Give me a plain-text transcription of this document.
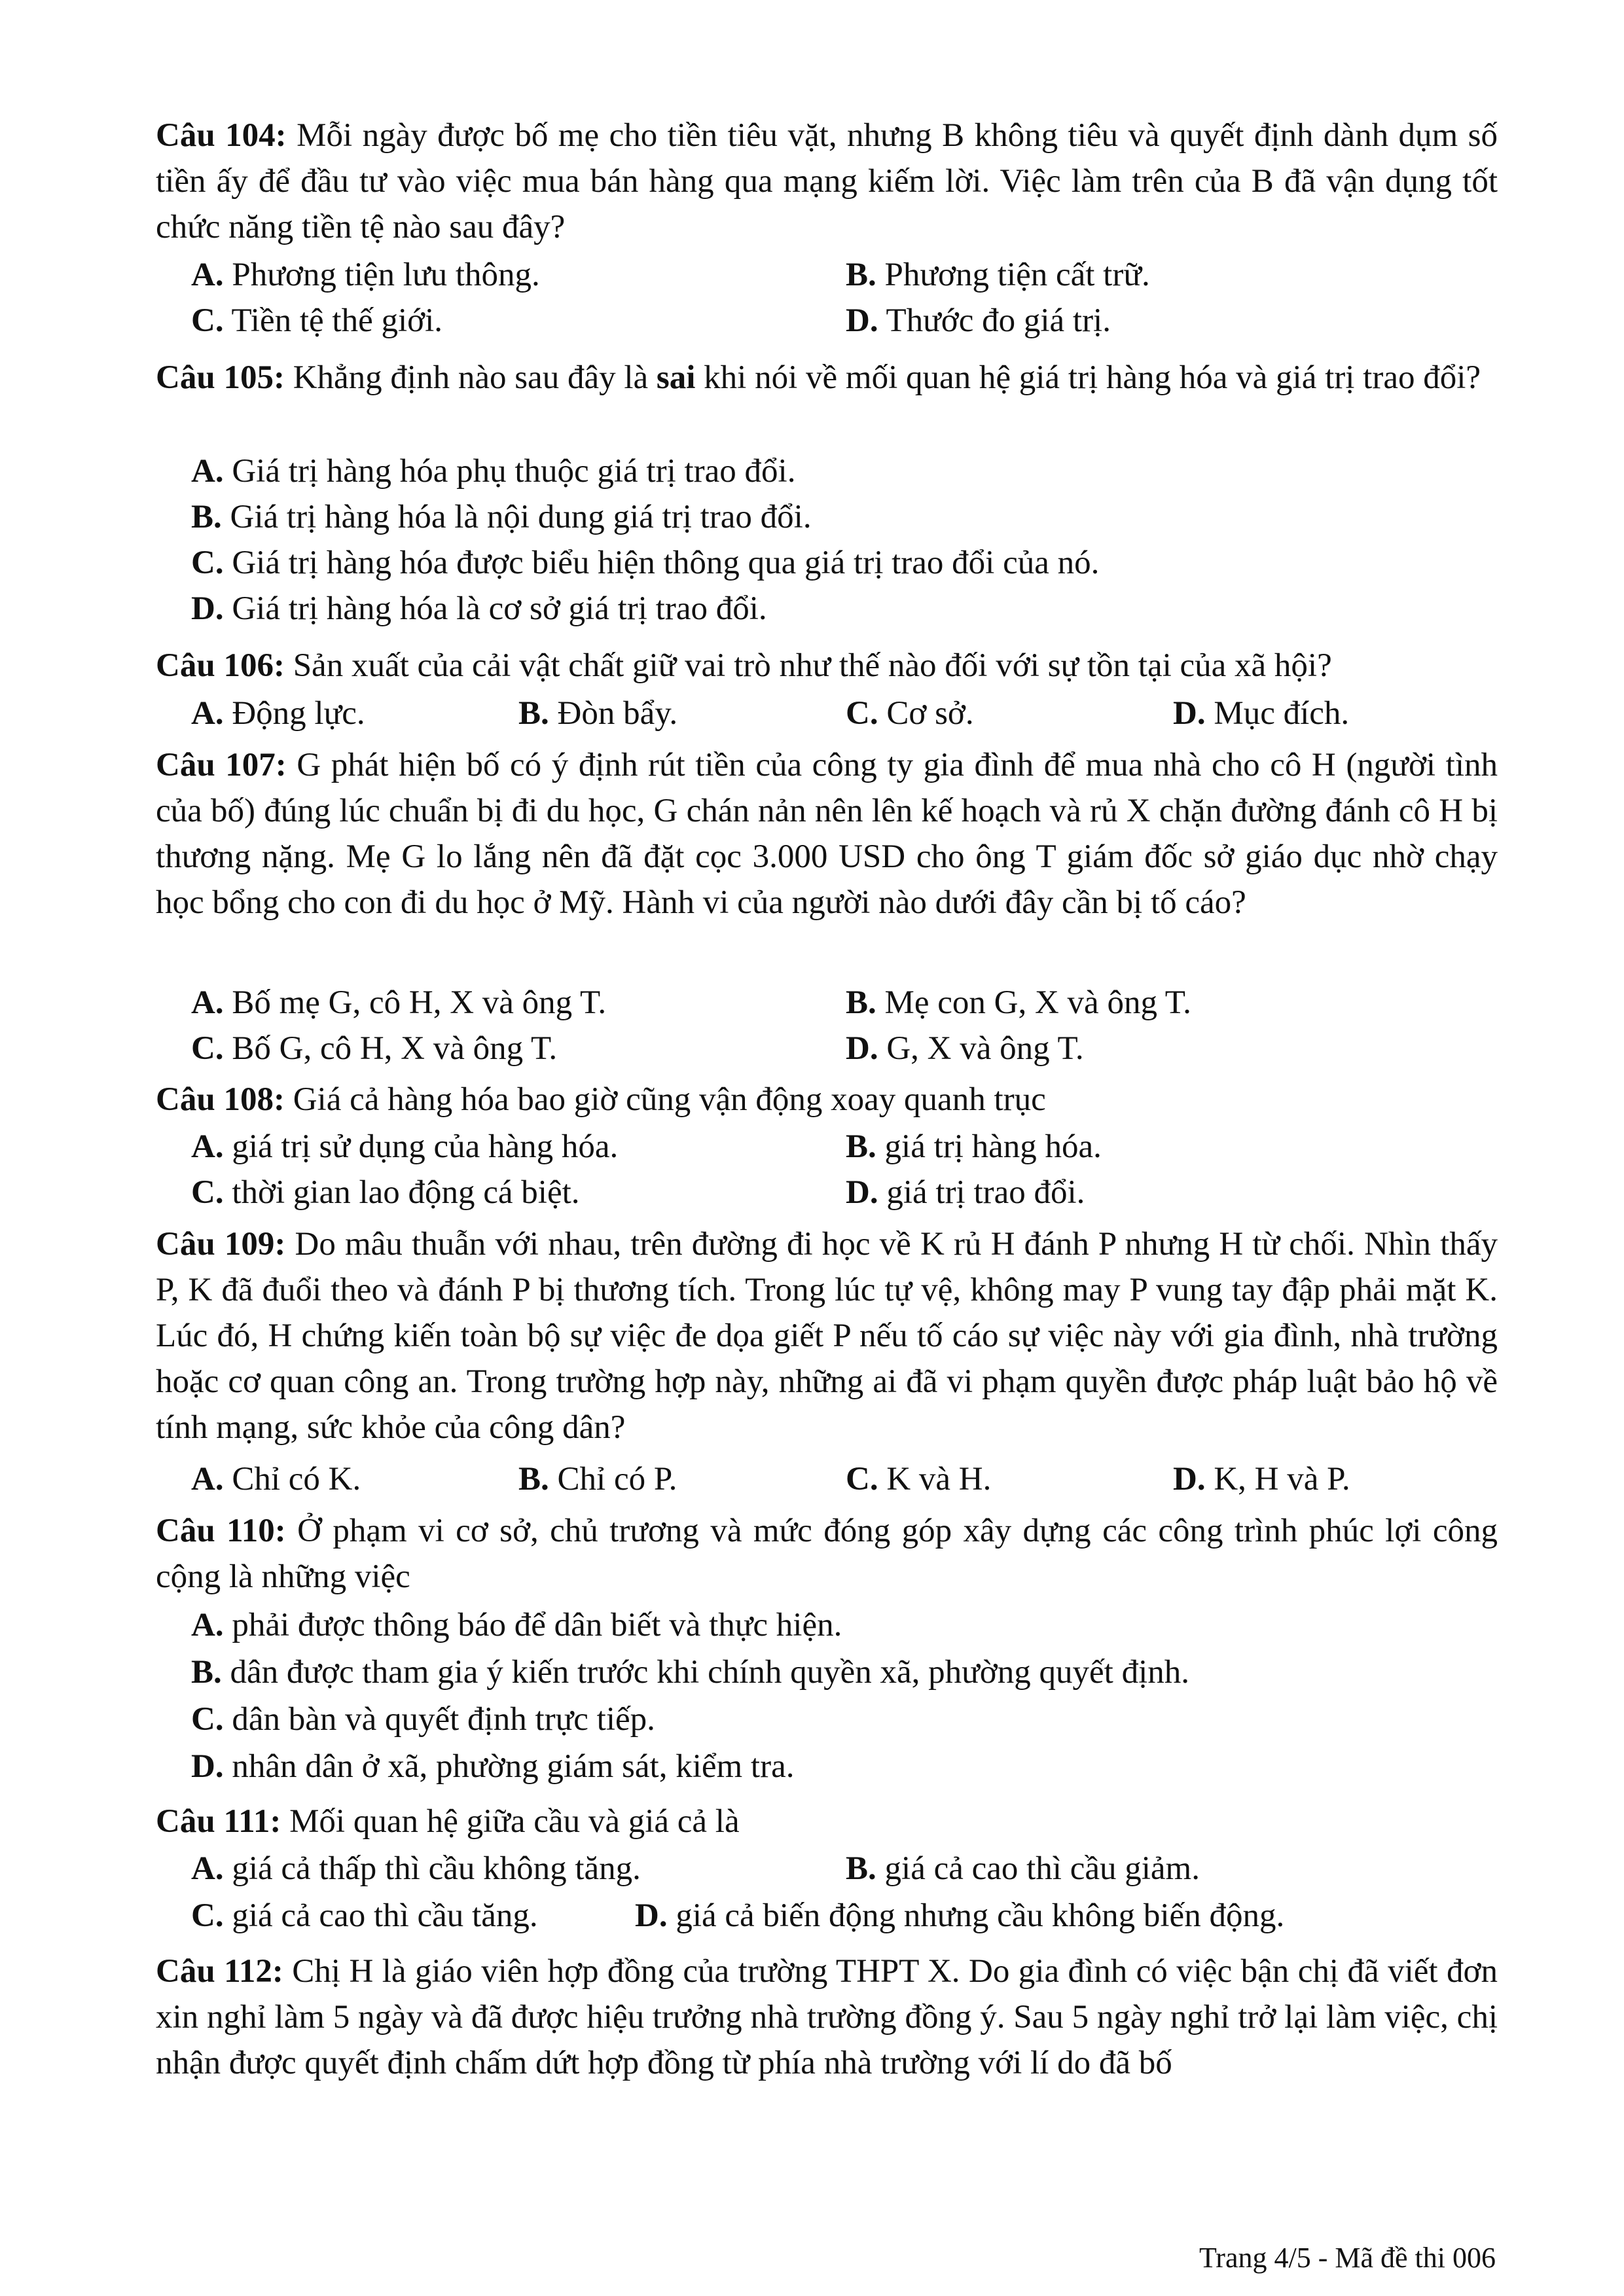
Câu 104: Mỗi ngày được bố mẹ cho tiền tiêu vặt, nhưng B không tiêu và quyết định dành dụm số tiền ấy để đầu tư vào việc mua bán hàng qua mạng kiếm lời. Việc làm trên của B đã vận dụng tốt chức năng tiền tệ nào sau đây?
A. Phương tiện lưu thông.	B. Phương tiện cất trữ.
C. Tiền tệ thế giới.	D. Thước đo giá trị.
Câu 105: Khẳng định nào sau đây là sai khi nói về mối quan hệ giá trị hàng hóa và giá trị trao đổi?
A. Giá trị hàng hóa phụ thuộc giá trị trao đổi.
B. Giá trị hàng hóa là nội dung giá trị trao đổi.
C. Giá trị hàng hóa được biểu hiện thông qua giá trị trao đổi của nó.
D. Giá trị hàng hóa là cơ sở giá trị trao đổi.
Câu 106: Sản xuất của cải vật chất giữ vai trò như thế nào đối với sự tồn tại của xã hội?
A. Động lực.	B. Đòn bẩy.	C. Cơ sở.	D. Mục đích.
Câu 107: G phát hiện bố có ý định rút tiền của công ty gia đình để mua nhà cho cô H (người tình của bố) đúng lúc chuẩn bị đi du học, G chán nản nên lên kế hoạch và rủ X chặn đường đánh cô H bị thương nặng. Mẹ G lo lắng nên đã đặt cọc 3.000 USD cho ông T giám đốc sở giáo dục nhờ chạy học bổng cho con đi du học ở Mỹ. Hành vi của người nào dưới đây cần bị tố cáo?
A. Bố mẹ G, cô H, X và ông T.	B. Mẹ con G, X và ông T.
C. Bố G, cô H, X và ông T.	D. G, X và ông T.
Câu 108: Giá cả hàng hóa bao giờ cũng vận động xoay quanh trục
A. giá trị sử dụng của hàng hóa.	B. giá trị hàng hóa.
C. thời gian lao động cá biệt.	D. giá trị trao đổi.
Câu 109: Do mâu thuẫn với nhau, trên đường đi học về K rủ H đánh P nhưng H từ chối. Nhìn thấy P, K đã đuổi theo và đánh P bị thương tích. Trong lúc tự vệ, không may P vung tay đập phải mặt K. Lúc đó, H chứng kiến toàn bộ sự việc đe dọa giết P nếu tố cáo sự việc này với gia đình, nhà trường hoặc cơ quan công an. Trong trường hợp này, những ai đã vi phạm quyền được pháp luật bảo hộ về tính mạng, sức khỏe của công dân?
A. Chỉ có K.	B. Chỉ có P.	C. K và H.	D. K, H và P.
Câu 110: Ở phạm vi cơ sở, chủ trương và mức đóng góp xây dựng các công trình phúc lợi công cộng là những việc
A. phải được thông báo để dân biết và thực hiện.
B. dân được tham gia ý kiến trước khi chính quyền xã, phường quyết định.
C. dân bàn và quyết định trực tiếp.
D. nhân dân ở xã, phường giám sát, kiểm tra.
Câu 111: Mối quan hệ giữa cầu và giá cả là
A. giá cả thấp thì cầu không tăng.	B. giá cả cao thì cầu giảm.
C. giá cả cao thì cầu tăng.	D. giá cả biến động nhưng cầu không biến động.
Câu 112: Chị H là giáo viên hợp đồng của trường THPT X. Do gia đình có việc bận chị đã viết đơn xin nghỉ làm 5 ngày và đã được hiệu trưởng nhà trường đồng ý. Sau 5 ngày nghỉ trở lại làm việc, chị nhận được quyết định chấm dứt hợp đồng từ phía nhà trường với lí do đã bố
Trang 4/5 - Mã đề thi 006
